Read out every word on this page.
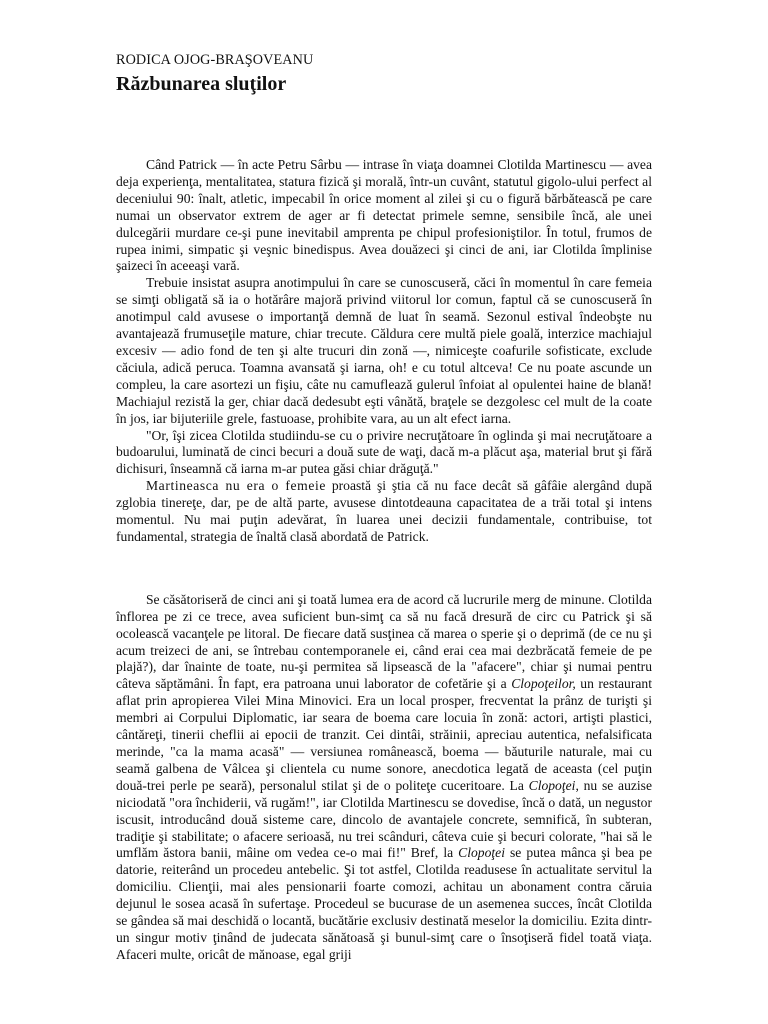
RODICA OJOG-BRAŞOVEANU

Răzbunarea sluţilor

Când Patrick — în acte Petru Sârbu — intrase în viaţa doamnei Clotilda Martinescu — avea deja experienţa, mentalitatea, statura fizică şi morală, într-un cuvânt, statutul gigolo-ului perfect al deceniului 90: înalt, atletic, impecabil în orice moment al zilei şi cu o figură bărbătească pe care numai un observator extrem de ager ar fi detectat primele semne, sensibile încă, ale unei dulcegării murdare ce-şi pune inevitabil amprenta pe chipul profesioniştilor. În totul, frumos de rupea inimi, simpatic şi veşnic binedispus. Avea douăzeci şi cinci de ani, iar Clotilda împlinise şaizeci în aceeaşi vară.

Trebuie insistat asupra anotimpului în care se cunoscuseră, căci în momentul în care femeia se simţi obligată să ia o hotărâre majoră privind viitorul lor comun, faptul că se cunoscuseră în anotimpul cald avusese o importanţă demnă de luat în seamă. Sezonul estival îndeobşte nu avantajează frumuseţile mature, chiar trecute. Căldura cere multă piele goală, interzice machiajul excesiv — adio fond de ten şi alte trucuri din zonă —, nimiceşte coafurile sofisticate, exclude căciula, adică peruca. Toamna avansată şi iarna, oh! e cu totul altceva! Ce nu poate ascunde un compleu, la care asortezi un fişiu, câte nu camuflează gulerul înfoiat al opulentei haine de blană! Machiajul rezistă la ger, chiar dacă dedesubt eşti vânătă, braţele se dezgolesc cel mult de la coate în jos, iar bijuteriile grele, fastuoase, prohibite vara, au un alt efect iarna.

"Or, îşi zicea Clotilda studiindu-se cu o privire necruţătoare în oglinda şi mai necruţătoare a budoarului, luminată de cinci becuri a două sute de waţi, dacă m-a plăcut aşa, material brut şi fără dichisuri, înseamnă că iarna m-ar putea găsi chiar drăguţă."

Martineasca nu era o femeie proastă şi ştia că nu face decât să gâfâie alergând după zglobia tinereţe, dar, pe de altă parte, avusese dintotdeauna capacitatea de a trăi total şi intens momentul. Nu mai puţin adevărat, în luarea unei decizii fundamentale, contribuise, tot fundamental, strategia de înaltă clasă abordată de Patrick.

Se căsătoriseră de cinci ani şi toată lumea era de acord că lucrurile merg de minune. Clotilda înflorea pe zi ce trece, avea suficient bun-simţ ca să nu facă dresură de circ cu Patrick şi să ocolească vacanţele pe litoral. De fiecare dată susţinea că marea o sperie şi o deprimă (de ce nu şi acum treizeci de ani, se întrebau contemporanele ei, când erai cea mai dezbrăcată femeie de pe plajă?), dar înainte de toate, nu-şi permitea să lipsească de la "afacere", chiar şi numai pentru câteva săptămâni. În fapt, era patroana unui laborator de cofetărie şi a Clopoţeilor, un restaurant aflat prin apropierea Vilei Mina Minovici. Era un local prosper, frecventat la prânz de turişti şi membri ai Corpului Diplomatic, iar seara de boema care locuia în zonă: actori, artişti plastici, cântăreţi, tinerii cheflii ai epocii de tranzit. Cei dintâi, străinii, apreciau autentica, nefalsificata merinde, "ca la mama acasă" — versiunea românească, boema — băuturile naturale, mai cu seamă galbena de Vâlcea şi clientela cu nume sonore, anecdotica legată de aceasta (cel puţin două-trei perle pe seară), personalul stilat şi de o politeţe cuceritoare. La Clopoţei, nu se auzise niciodată "ora închiderii, vă rugăm!", iar Clotilda Martinescu se dovedise, încă o dată, un negustor iscusit, introducând două sisteme care, dincolo de avantajele concrete, semnifică, în subteran, tradiţie şi stabilitate; o afacere serioasă, nu trei scânduri, câteva cuie şi becuri colorate, "hai să le umflăm ăstora banii, mâine om vedea ce-o mai fi!" Bref, la Clopoţei se putea mânca şi bea pe datorie, reiterând un procedeu antebelic. Şi tot astfel, Clotilda readusese în actualitate servitul la domiciliu. Clienţii, mai ales pensionarii foarte comozi, achitau un abonament contra căruia dejunul le sosea acasă în sufertaşe. Procedeul se bucurase de un asemenea succes, încât Clotilda se gândea să mai deschidă o locantă, bucătărie exclusiv destinată meselor la domiciliu. Ezita dintr-un singur motiv ţinând de judecata sănătoasă şi bunul-simţ care o însoţiseră fidel toată viaţa. Afaceri multe, oricât de mănoase, egal griji
